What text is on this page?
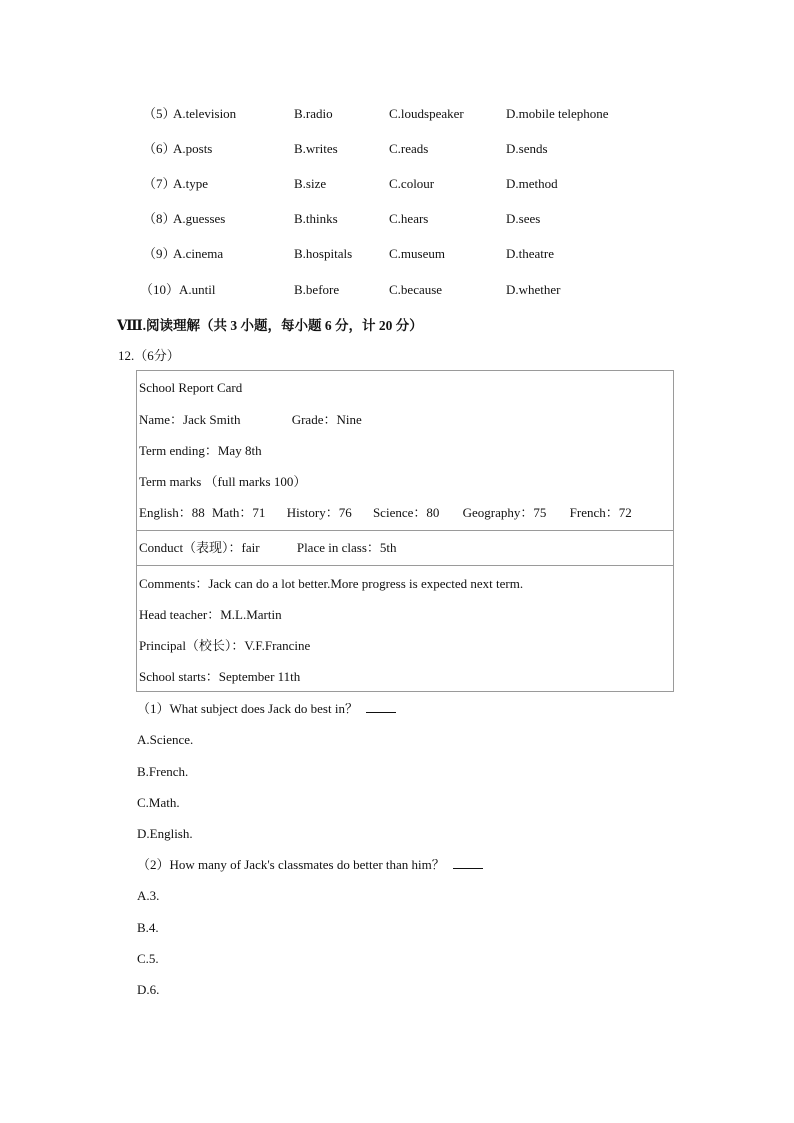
（5）
A.television	B.radio	C.loudspeaker	D.mobile telephone
（6）
A.posts	B.writes	C.reads	D.sends
（7）
A.type	B.size	C.colour	D.method
（8）
A.guesses	B.thinks	C.hears	D.sees
（9）
A.cinema	B.hospitals	C.museum	D.theatre
（10） A.until	B.before	C.because	D.whether
Ⅷ.阅读理解（共 3 小题，每小题 6 分，计 20 分）
12.（6分）
School Report Card
Name：Jack Smith	Grade：Nine
Term ending：May 8th
Term marks （full marks 100）
English：88 Math：71 History：76 Science：80 Geography：75 French：72
Conduct（表现）：fair	Place in class：5th
Comments：Jack can do a lot better.More progress is expected next term.
Head teacher：M.L.Martin
Principal（校长）：V.F.Francine
School starts：September 11th
（1）What subject does Jack do best in？
A.Science.
B.French.
C.Math.
D.English.
（2）How many of Jack's classmates do better than him？
A.3.
B.4.
C.5.
D.6.
